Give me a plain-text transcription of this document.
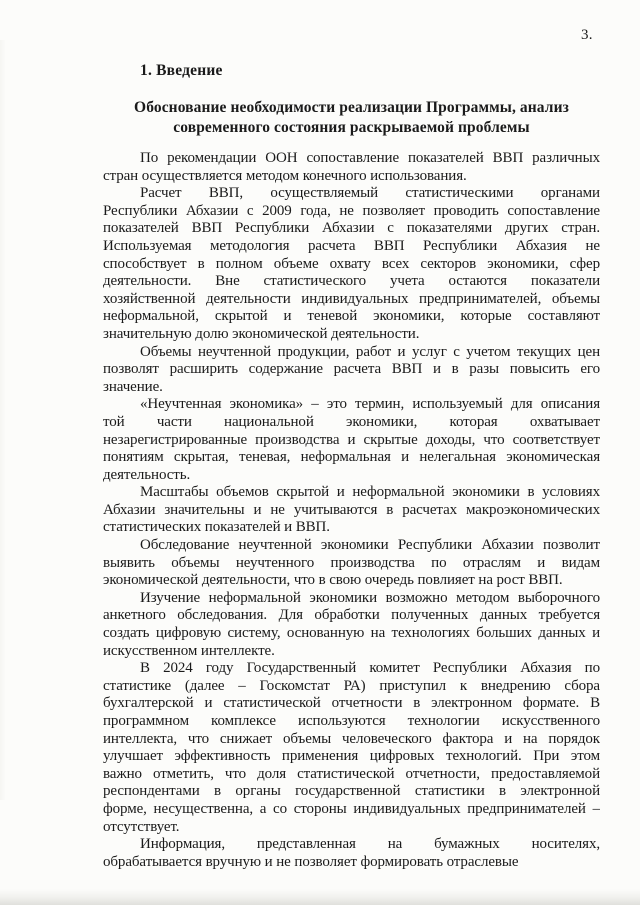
3.
1. Введение
Обоснование необходимости реализации Программы, анализ
современного состояния раскрываемой проблемы
По рекомендации ООН сопоставление показателей ВВП различных
стран осуществляется методом конечного использования.
Расчет ВВП, осуществляемый статистическими органами
Республики Абхазии с 2009 года, не позволяет проводить сопоставление
показателей ВВП Республики Абхазии с показателями других стран.
Используемая методология расчета ВВП Республики Абхазия не
способствует в полном объеме охвату всех секторов экономики, сфер
деятельности. Вне статистического учета остаются показатели
хозяйственной деятельности индивидуальных предпринимателей, объемы
неформальной, скрытой и теневой экономики, которые составляют
значительную долю экономической деятельности.
Объемы неучтенной продукции, работ и услуг с учетом текущих цен
позволят расширить содержание расчета ВВП и в разы повысить его
значение.
«Неучтенная экономика» – это термин, используемый для описания
той части национальной экономики, которая охватывает
незарегистрированные производства и скрытые доходы, что соответствует
понятиям скрытая, теневая, неформальная и нелегальная экономическая
деятельность.
Масштабы объемов скрытой и неформальной экономики в условиях
Абхазии значительны и не учитываются в расчетах макроэкономических
статистических показателей и ВВП.
Обследование неучтенной экономики Республики Абхазии позволит
выявить объемы неучтенного производства по отраслям и видам
экономической деятельности, что в свою очередь повлияет на рост ВВП.
Изучение неформальной экономики возможно методом выборочного
анкетного обследования. Для обработки полученных данных требуется
создать цифровую систему, основанную на технологиях больших данных и
искусственном интеллекте.
В 2024 году Государственный комитет Республики Абхазия по
статистике (далее – Госкомстат РА) приступил к внедрению сбора
бухгалтерской и статистической отчетности в электронном формате. В
программном комплексе используются технологии искусственного
интеллекта, что снижает объемы человеческого фактора и на порядок
улучшает эффективность применения цифровых технологий. При этом
важно отметить, что доля статистической отчетности, предоставляемой
респондентами в органы государственной статистики в электронной
форме, несущественна, а со стороны индивидуальных предпринимателей –
отсутствует.
Информация, представленная на бумажных носителях,
обрабатывается вручную и не позволяет формировать отраслевые
